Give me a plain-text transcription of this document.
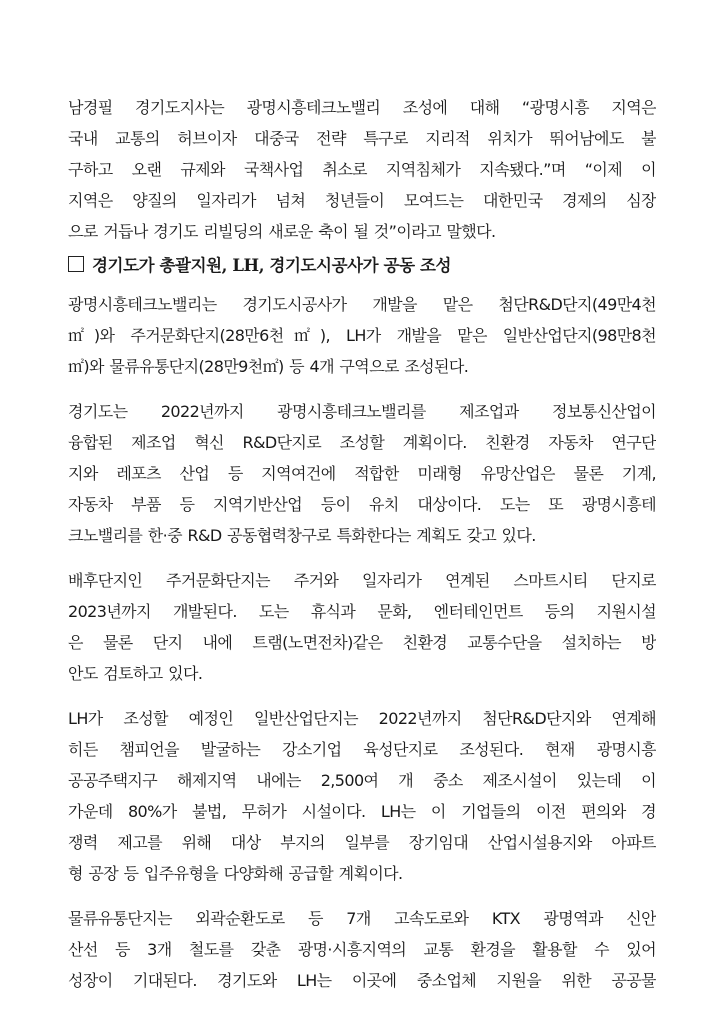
남경필 경기도지사는 광명시흥테크노밸리 조성에 대해 “광명시흥 지역은
국내 교통의 허브이자 대중국 전략 특구로 지리적 위치가 뛰어남에도 불
구하고 오랜 규제와 국책사업 취소로 지역침체가 지속됐다.”며 “이제 이
지역은 양질의 일자리가 넘쳐 청년들이 모여드는 대한민국 경제의 심장
으로 거듭나 경기도 리빌딩의 새로운 축이 될 것”이라고 말했다.

경기도가 총괄지원, LH, 경기도시공사가 공동 조성

광명시흥테크노밸리는 경기도시공사가 개발을 맡은 첨단R&D단지(49만4천
㎡)와 주거문화단지(28만6천㎡), LH가 개발을 맡은 일반산업단지(98만8천
㎡)와 물류유통단지(28만9천㎡) 등 4개 구역으로 조성된다.

경기도는 2022년까지 광명시흥테크노밸리를 제조업과 정보통신산업이
융합된 제조업 혁신 R&D단지로 조성할 계획이다. 친환경 자동차 연구단
지와 레포츠 산업 등 지역여건에 적합한 미래형 유망산업은 물론 기계,
자동차 부품 등 지역기반산업 등이 유치 대상이다. 도는 또 광명시흥테
크노밸리를 한·중 R&D 공동협력창구로 특화한다는 계획도 갖고 있다.

배후단지인 주거문화단지는 주거와 일자리가 연계된 스마트시티 단지로
2023년까지 개발된다. 도는 휴식과 문화, 엔터테인먼트 등의 지원시설
은 물론 단지 내에 트램(노면전차)같은 친환경 교통수단을 설치하는 방
안도 검토하고 있다.

LH가 조성할 예정인 일반산업단지는 2022년까지 첨단R&D단지와 연계해
히든 챔피언을 발굴하는 강소기업 육성단지로 조성된다. 현재 광명시흥
공공주택지구 해제지역 내에는 2,500여 개 중소 제조시설이 있는데 이
가운데 80%가 불법, 무허가 시설이다. LH는 이 기업들의 이전 편의와 경
쟁력 제고를 위해 대상 부지의 일부를 장기임대 산업시설용지와 아파트
형 공장 등 입주유형을 다양화해 공급할 계획이다.

물류유통단지는 외곽순환도로 등 7개 고속도로와 KTX 광명역과 신안
산선 등 3개 철도를 갖춘 광명·시흥지역의 교통 환경을 활용할 수 있어
성장이 기대된다. 경기도와 LH는 이곳에 중소업체 지원을 위한 공공물
